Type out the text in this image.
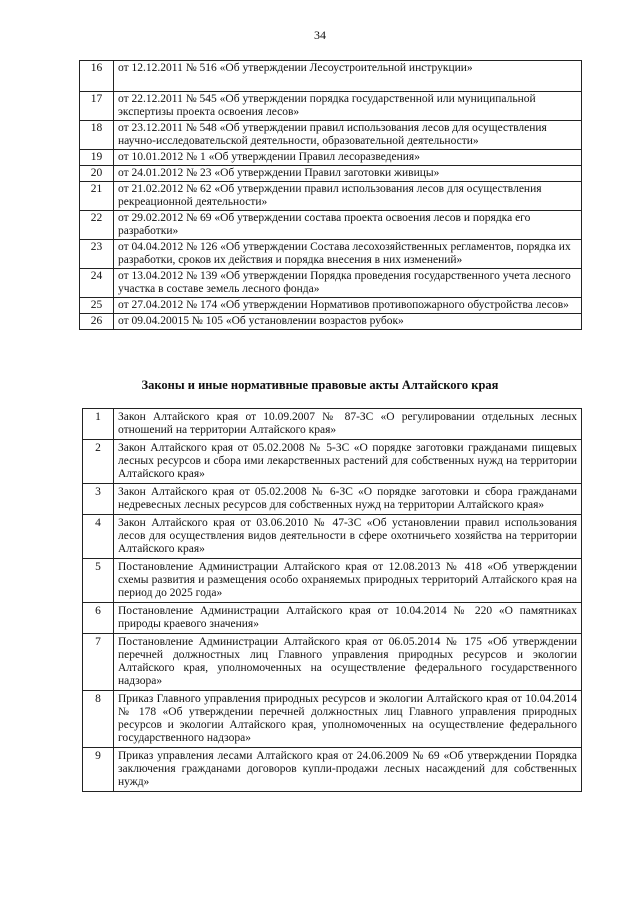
34
16	от 12.12.2011 № 516 «Об утверждении Лесоустроительной инструкции»
17	от 22.12.2011 № 545 «Об утверждении порядка государственной или муниципальной экспертизы проекта освоения лесов»
18	от 23.12.2011 № 548 «Об утверждении правил использования лесов для осуществления научно-исследовательской деятельности, образовательной деятельности»
19	от 10.01.2012 № 1 «Об утверждении Правил лесоразведения»
20	от 24.01.2012 № 23 «Об утверждении Правил заготовки живицы»
21	от 21.02.2012 № 62 «Об утверждении правил использования лесов для осуществления рекреационной деятельности»
22	от 29.02.2012 № 69 «Об утверждении состава проекта освоения лесов и порядка его разработки»
23	от 04.04.2012 № 126 «Об утверждении Состава лесохозяйственных регламентов, порядка их разработки, сроков их действия и порядка внесения в них изменений»
24	от 13.04.2012 № 139 «Об утверждении Порядка проведения государственного учета лесного участка в составе земель лесного фонда»
25	от 27.04.2012 № 174 «Об утверждении Нормативов противопожарного обустройства лесов»
26	от 09.04.20015 № 105 «Об установлении возрастов рубок»
Законы и иные нормативные правовые акты Алтайского края
1	Закон Алтайского края от 10.09.2007 № 87-ЗС «О регулировании отдельных лесных отношений на территории Алтайского края»
2	Закон Алтайского края от 05.02.2008 № 5-ЗС «О порядке заготовки гражданами пищевых лесных ресурсов и сбора ими лекарственных растений для собственных нужд на территории Алтайского края»
3	Закон Алтайского края от 05.02.2008 № 6-ЗС «О порядке заготовки и сбора гражданами недревесных лесных ресурсов для собственных нужд на территории Алтайского края»
4	Закон Алтайского края от 03.06.2010 № 47-ЗС «Об установлении правил использования лесов для осуществления видов деятельности в сфере охотничьего хозяйства на территории Алтайского края»
5	Постановление Администрации Алтайского края от 12.08.2013 № 418 «Об утверждении схемы развития и размещения особо охраняемых природных территорий Алтайского края на период до 2025 года»
6	Постановление Администрации Алтайского края от 10.04.2014 № 220 «О памятниках природы краевого значения»
7	Постановление Администрации Алтайского края от 06.05.2014 № 175 «Об утверждении перечней должностных лиц Главного управления природных ресурсов и экологии Алтайского края, уполномоченных на осуществление федерального государственного надзора»
8	Приказ Главного управления природных ресурсов и экологии Алтайского края от 10.04.2014 № 178 «Об утверждении перечней должностных лиц Главного управления природных ресурсов и экологии Алтайского края, уполномоченных на осуществление федерального государственного надзора»
9	Приказ управления лесами Алтайского края от 24.06.2009 № 69 «Об утверждении Порядка заключения гражданами договоров купли-продажи лесных насаждений для собственных нужд»
